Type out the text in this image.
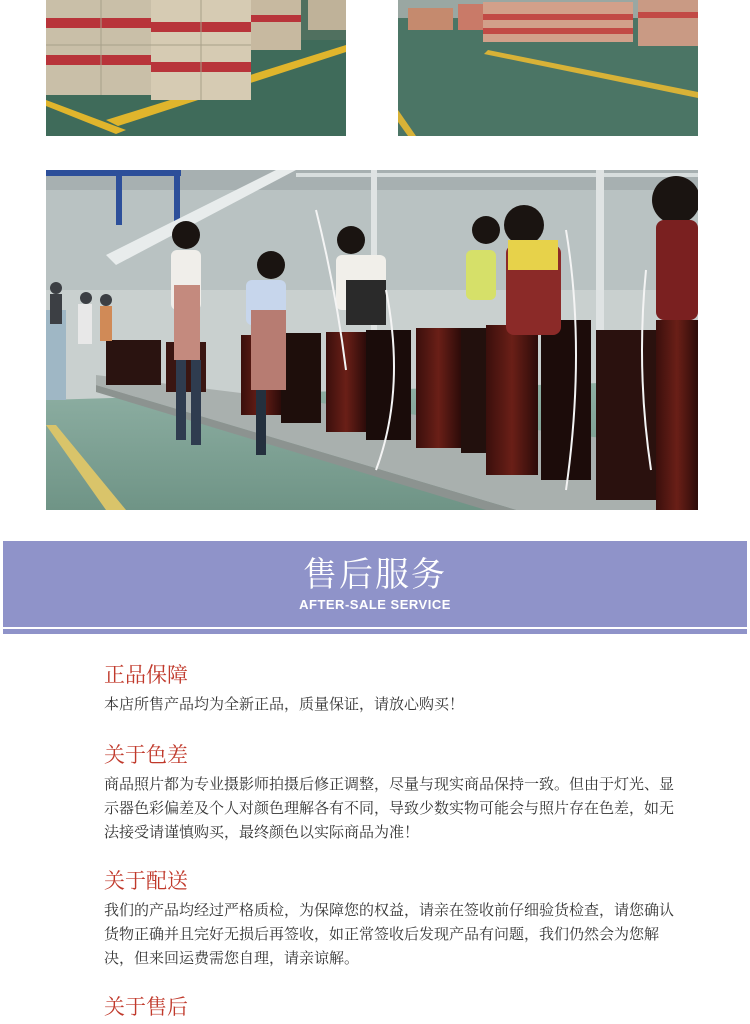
售后服务
AFTER-SALE SERVICE
正品保障

本店所售产品均为全新正品，质量保证，请放心购买！

关于色差

商品照片都为专业摄影师拍摄后修正调整，尽量与现实商品保持一致。但由于灯光、显示器色彩偏差及个人对颜色理解各有不同，导致少数实物可能会与照片存在色差，如无法接受请谨慎购买，最终颜色以实际商品为准！

关于配送

我们的产品均经过严格质检，为保障您的权益，请亲在签收前仔细验货检查，请您确认货物正确并且完好无损后再签收，如正常签收后发现产品有问题，我们仍然会为您解决，但来回运费需您自理，请亲谅解。

关于售后
